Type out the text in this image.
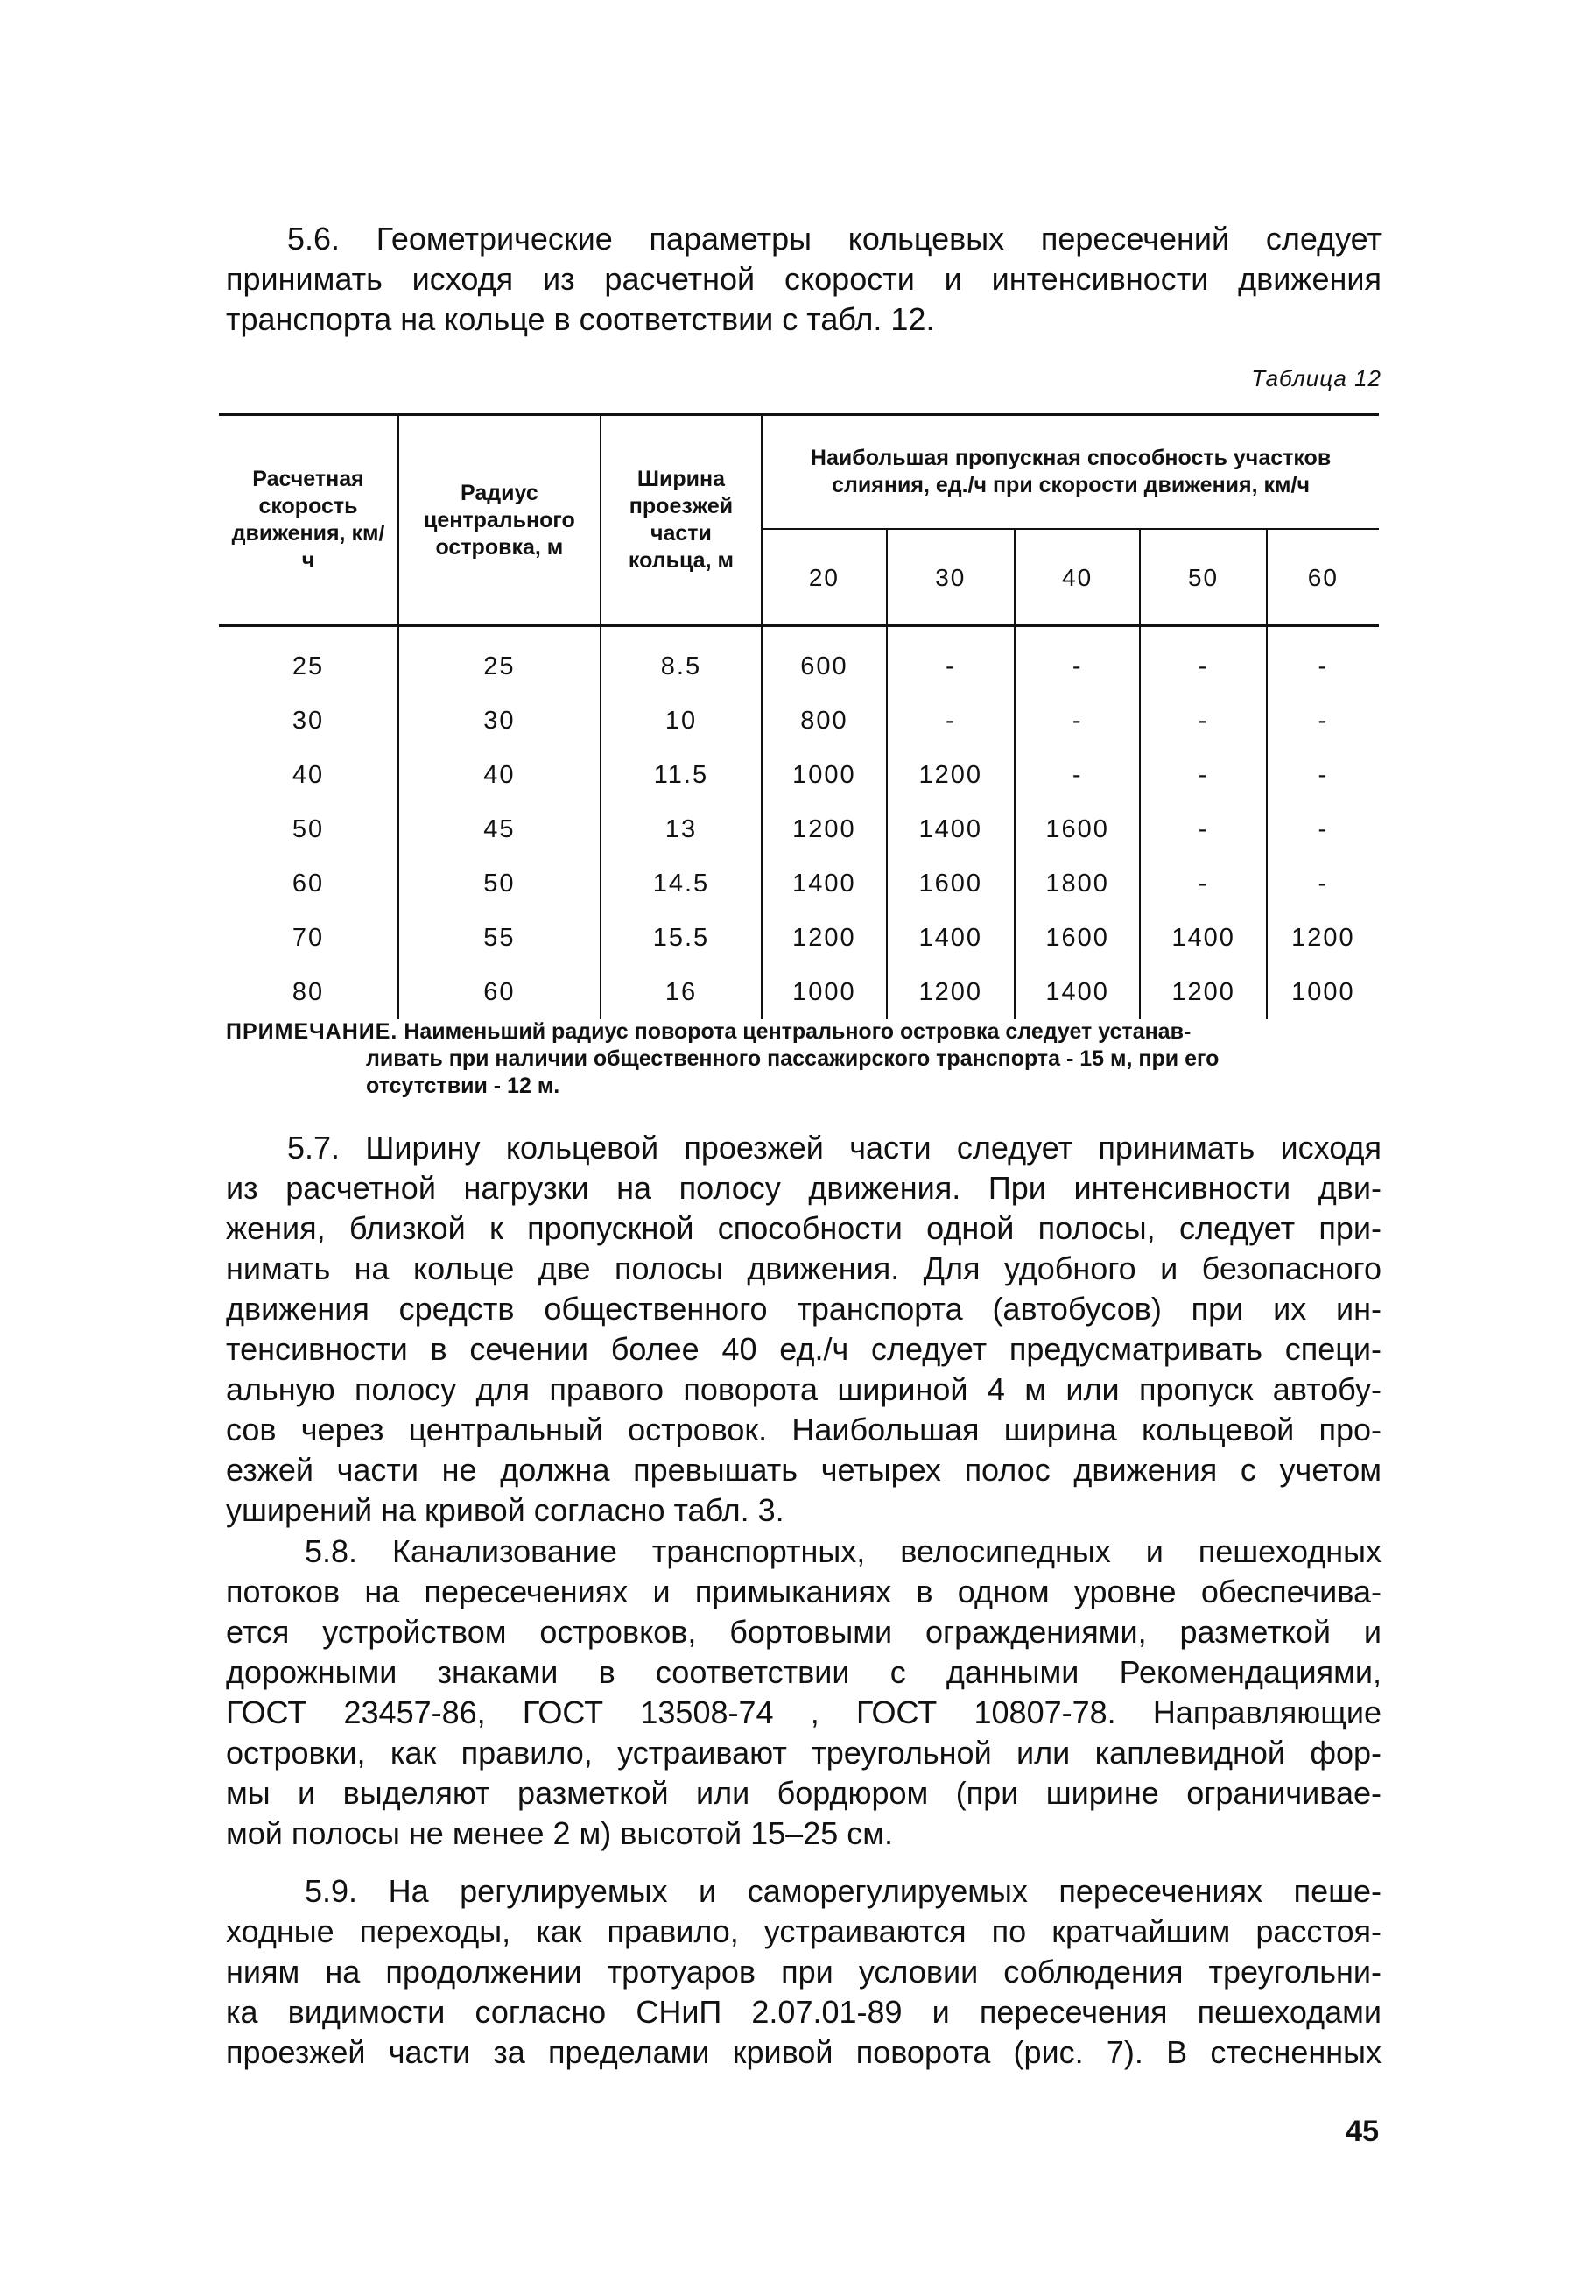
5.6. Геометрические параметры кольцевых пересечений следует
принимать исходя из расчетной скорости и интенсивности движения
транспорта на кольце в соответствии с табл. 12.
Таблица 12
Расчетная скорость движения, км/ч	Радиус центрального островка, м	Ширина проезжей части кольца, м	Наибольшая пропускная способность участков слияния, ед./ч при скорости движения, км/ч				
			20	30	40	50	60
25	25	8.5	600	-	-	-	-
30	30	10	800	-	-	-	-
40	40	11.5	1000	1200	-	-	-
50	45	13	1200	1400	1600	-	-
60	50	14.5	1400	1600	1800	-	-
70	55	15.5	1200	1400	1600	1400	1200
80	60	16	1000	1200	1400	1200	1000
ПРИМЕЧАНИЕ. Наименьший радиус поворота центрального островка следует устанав-
ливать при наличии общественного пассажирского транспорта - 15 м, при его
отсутствии - 12 м.
5.7. Ширину кольцевой проезжей части следует принимать исходя
из расчетной нагрузки на полосу движения. При интенсивности дви-
жения, близкой к пропускной способности одной полосы, следует при-
нимать на кольце две полосы движения. Для удобного и безопасного
движения средств общественного транспорта (автобусов) при их ин-
тенсивности в сечении более 40 ед./ч следует предусматривать специ-
альную полосу для правого поворота шириной 4 м или пропуск автобу-
сов через центральный островок. Наибольшая ширина кольцевой про-
езжей части не должна превышать четырех полос движения с учетом
уширений на кривой согласно табл. 3.
5.8. Канализование транспортных, велосипедных и пешеходных
потоков на пересечениях и примыканиях в одном уровне обеспечива-
ется устройством островков, бортовыми ограждениями, разметкой и
дорожными знаками в соответствии с данными Рекомендациями,
ГОСТ 23457-86, ГОСТ 13508-74 , ГОСТ 10807-78. Направляющие
островки, как правило, устраивают треугольной или каплевидной фор-
мы и выделяют разметкой или бордюром (при ширине ограничивае-
мой полосы не менее 2 м) высотой 15–25 см.
5.9. На регулируемых и саморегулируемых пересечениях пеше-
ходные переходы, как правило, устраиваются по кратчайшим расстоя-
ниям на продолжении тротуаров при условии соблюдения треугольни-
ка видимости согласно СНиП 2.07.01-89 и пересечения пешеходами
проезжей части за пределами кривой поворота (рис. 7). В стесненных
45
